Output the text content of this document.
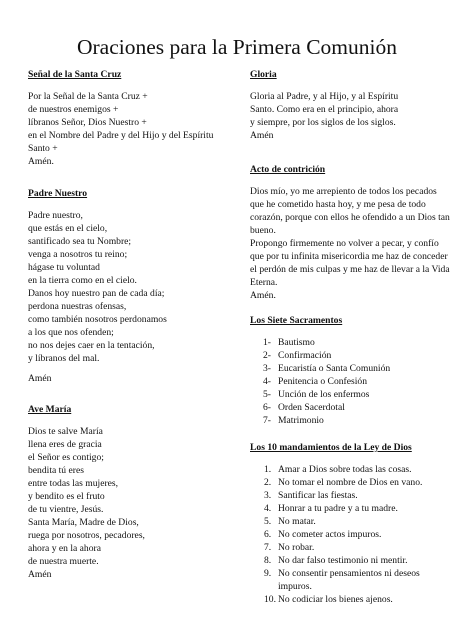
Oraciones para la Primera Comunión
Señal de la Santa Cruz
Por la Señal de la Santa Cruz +
de nuestros enemigos +
líbranos Señor, Dios Nuestro +
en el Nombre del Padre y del Hijo y del Espíritu
Santo +
Amén.
Padre Nuestro
Padre nuestro,
que estás en el cielo,
santificado sea tu Nombre;
venga a nosotros tu reino;
hágase tu voluntad
en la tierra como en el cielo.
Danos hoy nuestro pan de cada día;
perdona nuestras ofensas,
como también nosotros perdonamos
a los que nos ofenden;
no nos dejes caer en la tentación,
y líbranos del mal.
Amén
Ave María
Dios te salve María
llena eres de gracia
el Señor es contigo;
bendita tú eres
entre todas las mujeres,
y bendito es el fruto
de tu vientre, Jesús.
Santa María, Madre de Dios,
ruega por nosotros, pecadores,
ahora y en la ahora
de nuestra muerte.
Amén
Gloria
Gloria al Padre, y al Hijo, y al Espíritu
Santo. Como era en el principio, ahora
y siempre, por los siglos de los siglos.
Amén
Acto de contrición
Dios mío, yo me arrepiento de todos los pecados
que he cometido hasta hoy, y me pesa de todo
corazón, porque con ellos he ofendido a un Dios tan
bueno.
Propongo firmemente no volver a pecar, y confío
que por tu infinita misericordia me haz de conceder
el perdón de mis culpas y me haz de llevar a la Vida
Eterna.
Amén.
Los Siete Sacramentos
1- Bautismo
2- Confirmación
3- Eucaristía o Santa Comunión
4- Penitencia o Confesión
5- Unción de los enfermos
6- Orden Sacerdotal
7- Matrimonio
Los 10 mandamientos de la Ley de Dios
1. Amar a Dios sobre todas las cosas.
2. No tomar el nombre de Dios en vano.
3. Santificar las fiestas.
4. Honrar a tu padre y a tu madre.
5. No matar.
6. No cometer actos impuros.
7. No robar.
8. No dar falso testimonio ni mentir.
9. No consentir pensamientos ni deseos impuros.
10. No codiciar los bienes ajenos.
